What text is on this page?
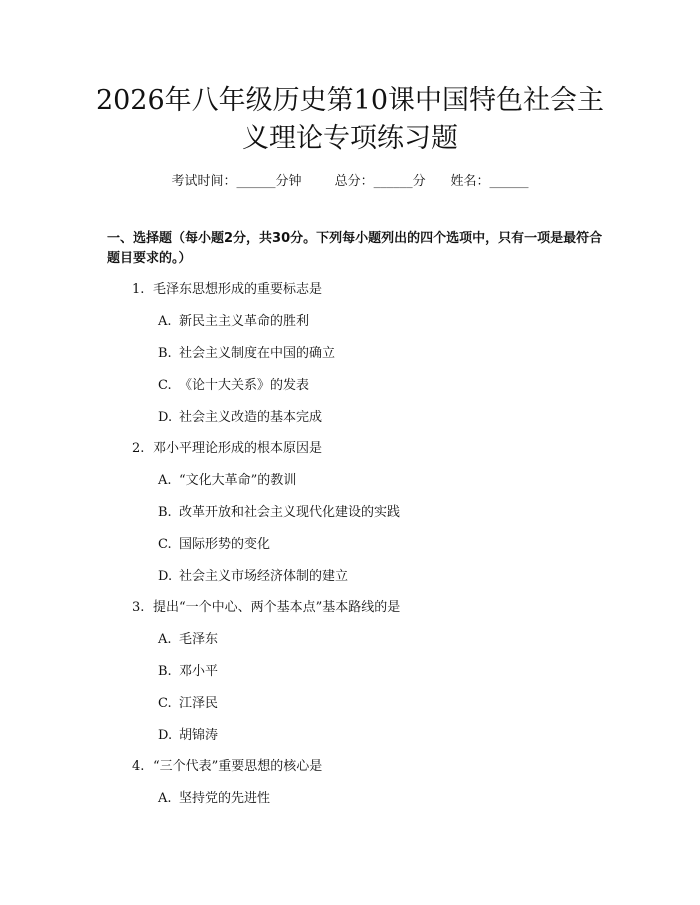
2026年八年级历史第10课中国特色社会主
义理论专项练习题
考试时间：______分钟	总分：______分 姓名：______
一、选择题（每小题2分，共30分。下列每小题列出的四个选项中，只有一项是最符合题目要求的。）
1. 毛泽东思想形成的重要标志是
A. 新民主主义革命的胜利
B. 社会主义制度在中国的确立
C. 《论十大关系》的发表
D. 社会主义改造的基本完成
2. 邓小平理论形成的根本原因是
A. “文化大革命”的教训
B. 改革开放和社会主义现代化建设的实践
C. 国际形势的变化
D. 社会主义市场经济体制的建立
3. 提出“一个中心、两个基本点”基本路线的是
A. 毛泽东
B. 邓小平
C. 江泽民
D. 胡锦涛
4. “三个代表”重要思想的核心是
A. 坚持党的先进性
